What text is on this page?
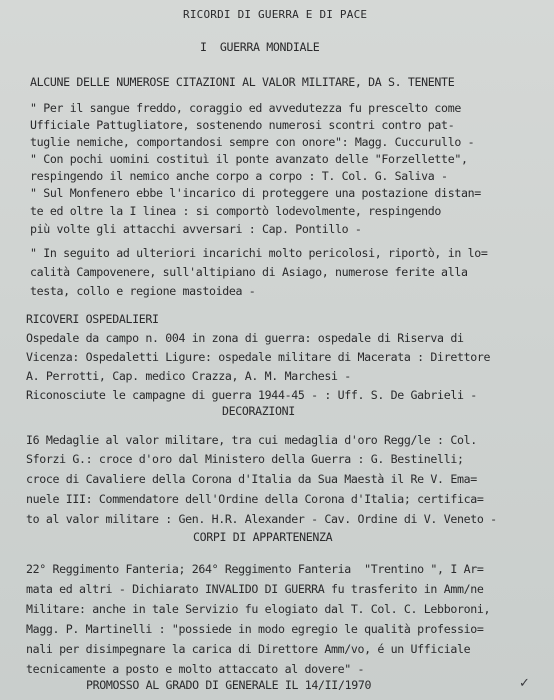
RICORDI DI GUERRA E DI PACE
I  GUERRA MONDIALE
ALCUNE DELLE NUMEROSE CITAZIONI AL VALOR MILITARE, DA S. TENENTE
" Per il sangue freddo, coraggio ed avvedutezza fu prescelto come
Ufficiale Pattugliatore, sostenendo numerosi scontri contro pat-
tuglie nemiche, comportandosi sempre con onore": Magg. Cuccurullo -
" Con pochi uomini costituì il ponte avanzato delle "Forzellette",
respingendo il nemico anche corpo a corpo : T. Col. G. Saliva -
" Sul Monfenero ebbe l'incarico di proteggere una postazione distan=
te ed oltre la I linea : si comportò lodevolmente, respingendo
più volte gli attacchi avversari : Cap. Pontillo -
" In seguito ad ulteriori incarichi molto pericolosi, riportò, in lo=
calità Campovenere, sull'altipiano di Asiago, numerose ferite alla
testa, collo e regione mastoidea -
RICOVERI OSPEDALIERI
Ospedale da campo n. 004 in zona di guerra: ospedale di Riserva di
Vicenza: Ospedaletti Ligure: ospedale militare di Macerata : Direttore
A. Perrotti, Cap. medico Crazza, A. M. Marchesi -
Riconosciute le campagne di guerra 1944-45 - : Uff. S. De Gabrieli -
DECORAZIONI
I6 Medaglie al valor militare, tra cui medaglia d'oro Regg/le : Col.
Sforzi G.: croce d'oro dal Ministero della Guerra : G. Bestinelli;
croce di Cavaliere della Corona d'Italia da Sua Maestà il Re V. Ema=
nuele III: Commendatore dell'Ordine della Corona d'Italia; certifica=
to al valor militare : Gen. H.R. Alexander - Cav. Ordine di V. Veneto -
CORPI DI APPARTENENZA
22° Reggimento Fanteria; 264° Reggimento Fanteria  "Trentino ", I Ar=
mata ed altri - Dichiarato INVALIDO DI GUERRA fu trasferito in Amm/ne
Militare: anche in tale Servizio fu elogiato dal T. Col. C. Lebboroni,
Magg. P. Martinelli : "possiede in modo egregio le qualità professio=
nali per disimpegnare la carica di Direttore Amm/vo, é un Ufficiale
tecnicamente a posto e molto attaccato al dovere" -
PROMOSSO AL GRADO DI GENERALE IL 14/II/1970	✓
